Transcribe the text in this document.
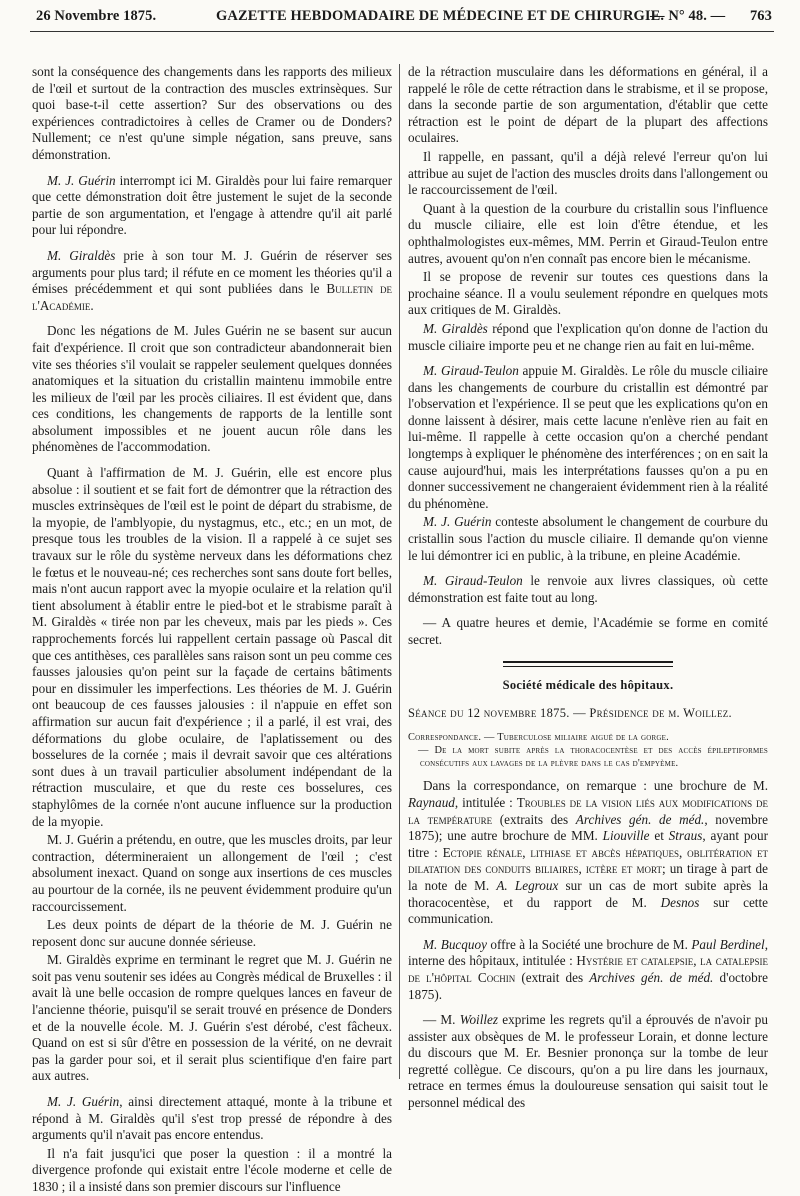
26 Novembre 1875.	GAZETTE HEBDOMADAIRE DE MÉDECINE ET DE CHIRURGIE.
— N° 48. — 763

sont la conséquence des changements dans les rapports des milieux de l'œil et surtout de la contraction des muscles extrinsèques. Sur quoi base-t-il cette assertion? Sur des observations ou des expériences contradictoires à celles de Cramer ou de Donders? Nullement; ce n'est qu'une simple négation, sans preuve, sans démonstration.

M. J. Guérin interrompt ici M. Giraldès pour lui faire remarquer que cette démonstration doit être justement le sujet de la seconde partie de son argumentation, et l'engage à attendre qu'il ait parlé pour lui répondre.

M. Giraldès prie à son tour M. J. Guérin de réserver ses arguments pour plus tard; il réfute en ce moment les théories qu'il a émises précédemment et qui sont publiées dans le Bulletin de l'Académie.

Donc les négations de M. Jules Guérin ne se basent sur aucun fait d'expérience. Il croit que son contradicteur abandonnerait bien vite ses théories s'il voulait se rappeler seulement quelques données anatomiques et la situation du cristallin maintenu immobile entre les milieux de l'œil par les procès ciliaires. Il est évident que, dans ces conditions, les changements de rapports de la lentille sont absolument impossibles et ne jouent aucun rôle dans les phénomènes de l'accommodation.

Quant à l'affirmation de M. J. Guérin, elle est encore plus absolue : il soutient et se fait fort de démontrer que la rétraction des muscles extrinsèques de l'œil est le point de départ du strabisme, de la myopie, de l'amblyopie, du nystagmus, etc., etc.; en un mot, de presque tous les troubles de la vision. Il a rappelé à ce sujet ses travaux sur le rôle du système nerveux dans les déformations chez le fœtus et le nouveau-né; ces recherches sont sans doute fort belles, mais n'ont aucun rapport avec la myopie oculaire et la relation qu'il tient absolument à établir entre le pied-bot et le strabisme paraît à M. Giraldès « tirée non par les cheveux, mais par les pieds ». Ces rapprochements forcés lui rappellent certain passage où Pascal dit que ces antithèses, ces parallèles sans raison sont un peu comme ces fausses jalousies qu'on peint sur la façade de certains bâtiments pour en dissimuler les imperfections. Les théories de M. J. Guérin ont beaucoup de ces fausses jalousies : il n'appuie en effet son affirmation sur aucun fait d'expérience ; il a parlé, il est vrai, des déformations du globe oculaire, de l'aplatissement ou des bosselures de la cornée ; mais il devrait savoir que ces altérations sont dues à un travail particulier absolument indépendant de la rétraction musculaire, et que du reste ces bosselures, ces staphylômes de la cornée n'ont aucune influence sur la production de la myopie.

M. J. Guérin a prétendu, en outre, que les muscles droits, par leur contraction, détermineraient un allongement de l'œil ; c'est absolument inexact. Quand on songe aux insertions de ces muscles au pourtour de la cornée, ils ne peuvent évidemment produire qu'un raccourcissement.

Les deux points de départ de la théorie de M. J. Guérin ne reposent donc sur aucune donnée sérieuse.

M. Giraldès exprime en terminant le regret que M. J. Guérin ne soit pas venu soutenir ses idées au Congrès médical de Bruxelles : il avait là une belle occasion de rompre quelques lances en faveur de l'ancienne théorie, puisqu'il se serait trouvé en présence de Donders et de la nouvelle école. M. J. Guérin s'est dérobé, c'est fâcheux. Quand on est si sûr d'être en possession de la vérité, on ne devrait pas la garder pour soi, et il serait plus scientifique d'en faire part aux autres.

M. J. Guérin, ainsi directement attaqué, monte à la tribune et répond à M. Giraldès qu'il s'est trop pressé de répondre à des arguments qu'il n'avait pas encore entendus.

Il n'a fait jusqu'ici que poser la question : il a montré la divergence profonde qui existait entre l'école moderne et celle de 1830 ; il a insisté dans son premier discours sur l'influence

de la rétraction musculaire dans les déformations en général, il a rappelé le rôle de cette rétraction dans le strabisme, et il se propose, dans la seconde partie de son argumentation, d'établir que cette rétraction est le point de départ de la plupart des affections oculaires.

Il rappelle, en passant, qu'il a déjà relevé l'erreur qu'on lui attribue au sujet de l'action des muscles droits dans l'allongement ou le raccourcissement de l'œil.

Quant à la question de la courbure du cristallin sous l'influence du muscle ciliaire, elle est loin d'être étendue, et les ophthalmologistes eux-mêmes, MM. Perrin et Giraud-Teulon entre autres, avouent qu'on n'en connaît pas encore bien le mécanisme.

Il se propose de revenir sur toutes ces questions dans la prochaine séance. Il a voulu seulement répondre en quelques mots aux critiques de M. Giraldès.

M. Giraldès répond que l'explication qu'on donne de l'action du muscle ciliaire importe peu et ne change rien au fait en lui-même.

M. Giraud-Teulon appuie M. Giraldès. Le rôle du muscle ciliaire dans les changements de courbure du cristallin est démontré par l'observation et l'expérience. Il se peut que les explications qu'on en donne laissent à désirer, mais cette lacune n'enlève rien au fait en lui-même. Il rappelle à cette occasion qu'on a cherché pendant longtemps à expliquer le phénomène des interférences ; on en sait la cause aujourd'hui, mais les interprétations fausses qu'on a pu en donner successivement ne changeraient évidemment rien à la réalité du phénomène.

M. J. Guérin conteste absolument le changement de courbure du cristallin sous l'action du muscle ciliaire. Il demande qu'on vienne le lui démontrer ici en public, à la tribune, en pleine Académie.

M. Giraud-Teulon le renvoie aux livres classiques, où cette démonstration est faite tout au long.

— A quatre heures et demie, l'Académie se forme en comité secret.

Société médicale des hôpitaux.

Séance du 12 novembre 1875. — Présidence de m. Woillez.

Correspondance. — Tuberculose miliaire aiguë de la gorge.
— De la mort subite après la thoracocentèse et des accès épileptiformes consécutifs aux lavages de la plèvre dans le cas d'empyème.

Dans la correspondance, on remarque : une brochure de M. Raynaud, intitulée : Troubles de la vision liés aux modifications de la température (extraits des Archives gén. de méd., novembre 1875); une autre brochure de MM. Liouville et Straus, ayant pour titre : Ectopie rénale, lithiase et abcès hépatiques, oblitération et dilatation des conduits biliaires, ictère et mort; un tirage à part de la note de M. A. Legroux sur un cas de mort subite après la thoracocentèse, et du rapport de M. Desnos sur cette communication.

M. Bucquoy offre à la Société une brochure de M. Paul Berdinel, interne des hôpitaux, intitulée : Hystérie et catalepsie, la catalepsie de l'hôpital Cochin (extrait des Archives gén. de méd. d'octobre 1875).

— M. Woillez exprime les regrets qu'il a éprouvés de n'avoir pu assister aux obsèques de M. le professeur Lorain, et donne lecture du discours que M. Er. Besnier prononça sur la tombe de leur regretté collègue. Ce discours, qu'on a pu lire dans les journaux, retrace en termes émus la douloureuse sensation qui saisit tout le personnel médical des
